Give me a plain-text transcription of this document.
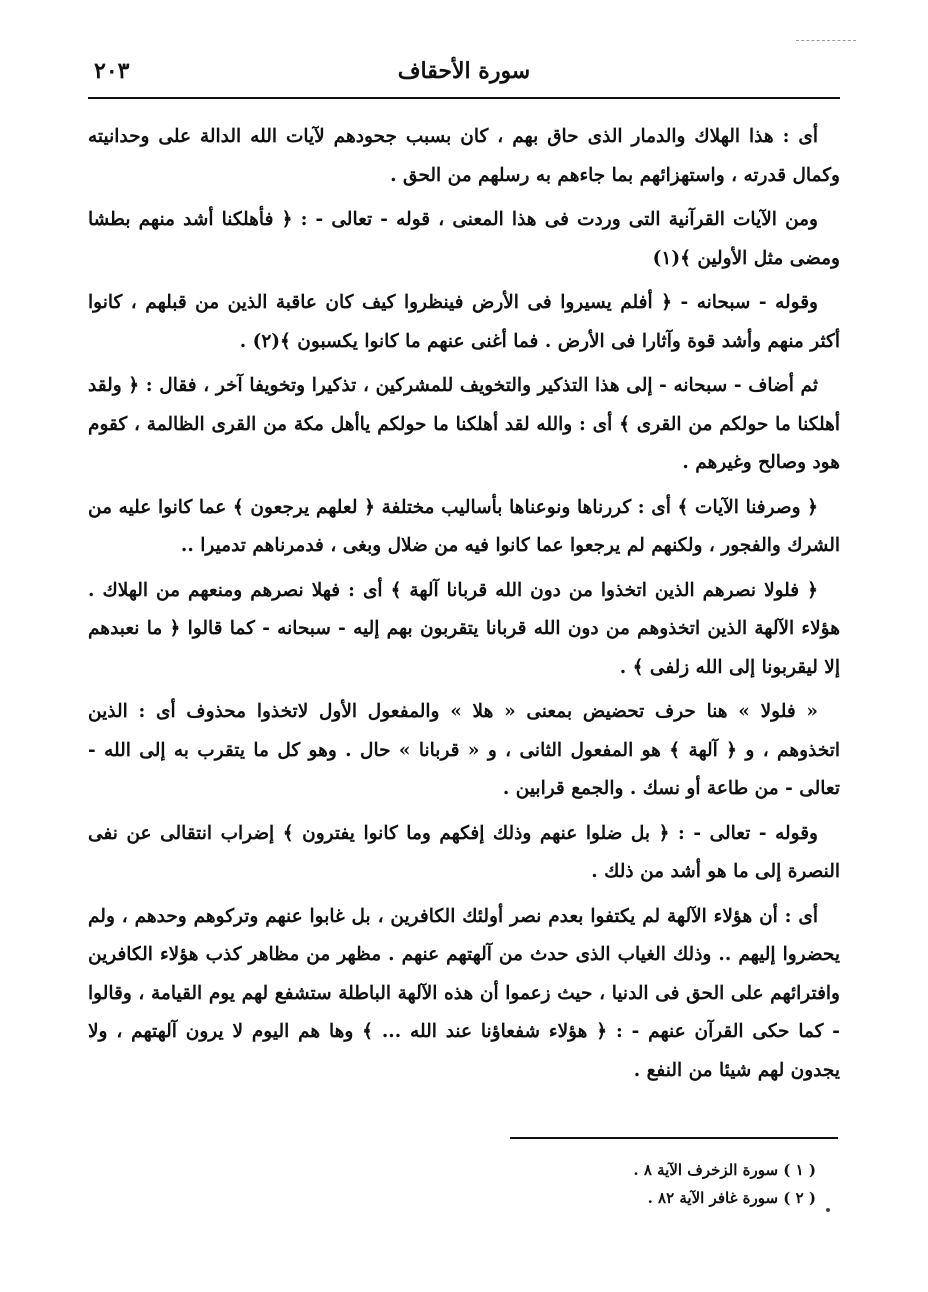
سورة الأحقاف
٢٠٣

أى : هذا الهلاك والدمار الذى حاق بهم ، كان بسبب جحودهم لآيات الله الدالة على وحدانيته وكمال قدرته ، واستهزائهم بما جاءهم به رسلهم من الحق .

ومن الآيات القرآنية التى وردت فى هذا المعنى ، قوله - تعالى - : ﴿ فأهلكنا أشد منهم بطشا ومضى مثل الأولين ﴾(١)

وقوله - سبحانه - ﴿ أفلم يسيروا فى الأرض فينظروا كيف كان عاقبة الذين من قبلهم ، كانوا أكثر منهم وأشد قوة وآثارا فى الأرض . فما أغنى عنهم ما كانوا يكسبون ﴾(٢) .

ثم أضاف - سبحانه - إلى هذا التذكير والتخويف للمشركين ، تذكيرا وتخويفا آخر ، فقال : ﴿ ولقد أهلكنا ما حولكم من القرى ﴾ أى : والله لقد أهلكنا ما حولكم ياأهل مكة من القرى الظالمة ، كقوم هود وصالح وغيرهم .

﴿ وصرفنا الآيات ﴾ أى : كررناها ونوعناها بأساليب مختلفة ﴿ لعلهم يرجعون ﴾ عما كانوا عليه من الشرك والفجور ، ولكنهم لم يرجعوا عما كانوا فيه من ضلال وبغى ، فدمرناهم تدميرا ..

﴿ فلولا نصرهم الذين اتخذوا من دون الله قربانا آلهة ﴾ أى : فهلا نصرهم ومنعهم من الهلاك . هؤلاء الآلهة الذين اتخذوهم من دون الله قربانا يتقربون بهم إليه - سبحانه - كما قالوا ﴿ ما نعبدهم إلا ليقربونا إلى الله زلفى ﴾ .

« فلولا » هنا حرف تحضيض بمعنى « هلا » والمفعول الأول لاتخذوا محذوف أى : الذين اتخذوهم ، و ﴿ آلهة ﴾ هو المفعول الثانى ، و « قربانا » حال . وهو كل ما يتقرب به إلى الله - تعالى - من طاعة أو نسك . والجمع قرابين .

وقوله - تعالى - : ﴿ بل ضلوا عنهم وذلك إفكهم وما كانوا يفترون ﴾ إضراب انتقالى عن نفى النصرة إلى ما هو أشد من ذلك .

أى : أن هؤلاء الآلهة لم يكتفوا بعدم نصر أولئك الكافرين ، بل غابوا عنهم وتركوهم وحدهم ، ولم يحضروا إليهم .. وذلك الغياب الذى حدث من آلهتهم عنهم . مظهر من مظاهر كذب هؤلاء الكافرين وافترائهم على الحق فى الدنيا ، حيث زعموا أن هذه الآلهة الباطلة ستشفع لهم يوم القيامة ، وقالوا - كما حكى القرآن عنهم - : ﴿ هؤلاء شفعاؤنا عند الله ... ﴾ وها هم اليوم لا يرون آلهتهم ، ولا يجدون لهم شيئا من النفع .

( ١ ) سورة الزخرف الآية ٨ .

( ٢ ) سورة غافر الآية ٨٢ .
